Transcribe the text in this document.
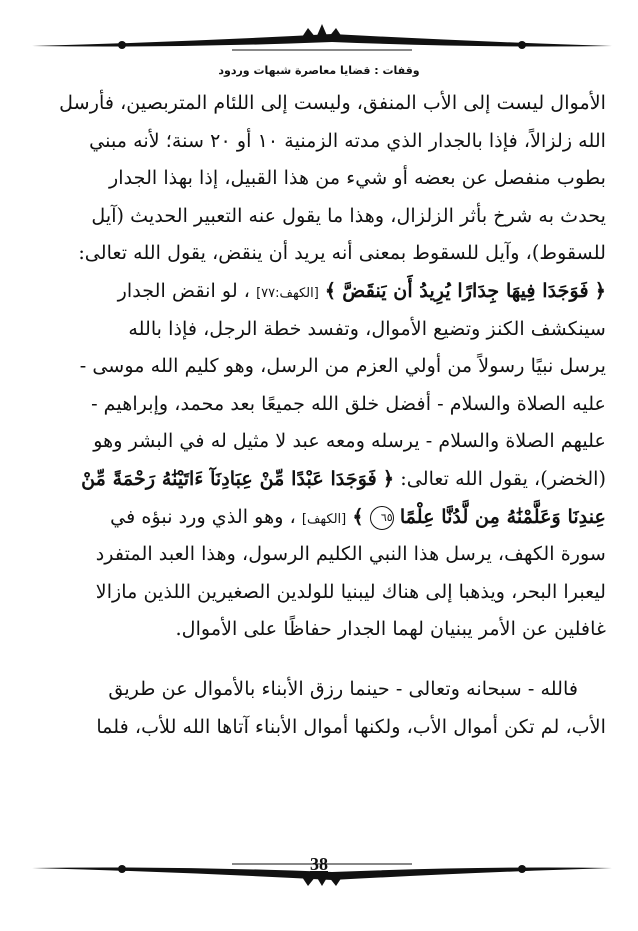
وقفات : قضايا معاصرة شبهات وردود
الأموال ليست إلى الأب المنفق، وليست إلى اللئام المتربصين، فأرسل
الله زلزالاً، فإذا بالجدار الذي مدته الزمنية ١٠ أو ٢٠ سنة؛ لأنه مبني
بطوب منفصل عن بعضه أو شيء من هذا القبيل، إذا بهذا الجدار
يحدث به شرخ بأثر الزلزال، وهذا ما يقول عنه التعبير الحديث (آيل
للسقوط)، وآيل للسقوط بمعنى أنه يريد أن ينقض، يقول الله تعالى:
﴿ فَوَجَدَا فِيهَا جِدَارًا يُرِيدُ أَن يَنقَضَّ ﴾ [الكهف:٧٧] ، لو انقض الجدار
سينكشف الكنز وتضيع الأموال، وتفسد خطة الرجل، فإذا بالله
يرسل نبيًا رسولاً من أولي العزم من الرسل، وهو كليم الله موسى -
عليه الصلاة والسلام - أفضل خلق الله جميعًا بعد محمد، وإبراهيم -
عليهم الصلاة والسلام - يرسله ومعه عبد لا مثيل له في البشر وهو
(الخضر)، يقول الله تعالى: ﴿ فَوَجَدَا عَبْدًا مِّنْ عِبَادِنَآ ءَاتَيْنَٰهُ رَحْمَةً مِّنْ
عِندِنَا وَعَلَّمْنَٰهُ مِن لَّدُنَّا عِلْمًا ٦٥ ﴾ [الكهف] ، وهو الذي ورد نبؤه في
سورة الكهف، يرسل هذا النبي الكليم الرسول، وهذا العبد المتفرد
ليعبرا البحر، ويذهبا إلى هناك ليبنيا للولدين الصغيرين اللذين مازالا
غافلين عن الأمر يبنيان لهما الجدار حفاظًا على الأموال.
فالله - سبحانه وتعالى - حينما رزق الأبناء بالأموال عن طريق
الأب، لم تكن أموال الأب، ولكنها أموال الأبناء آتاها الله للأب، فلما
38
